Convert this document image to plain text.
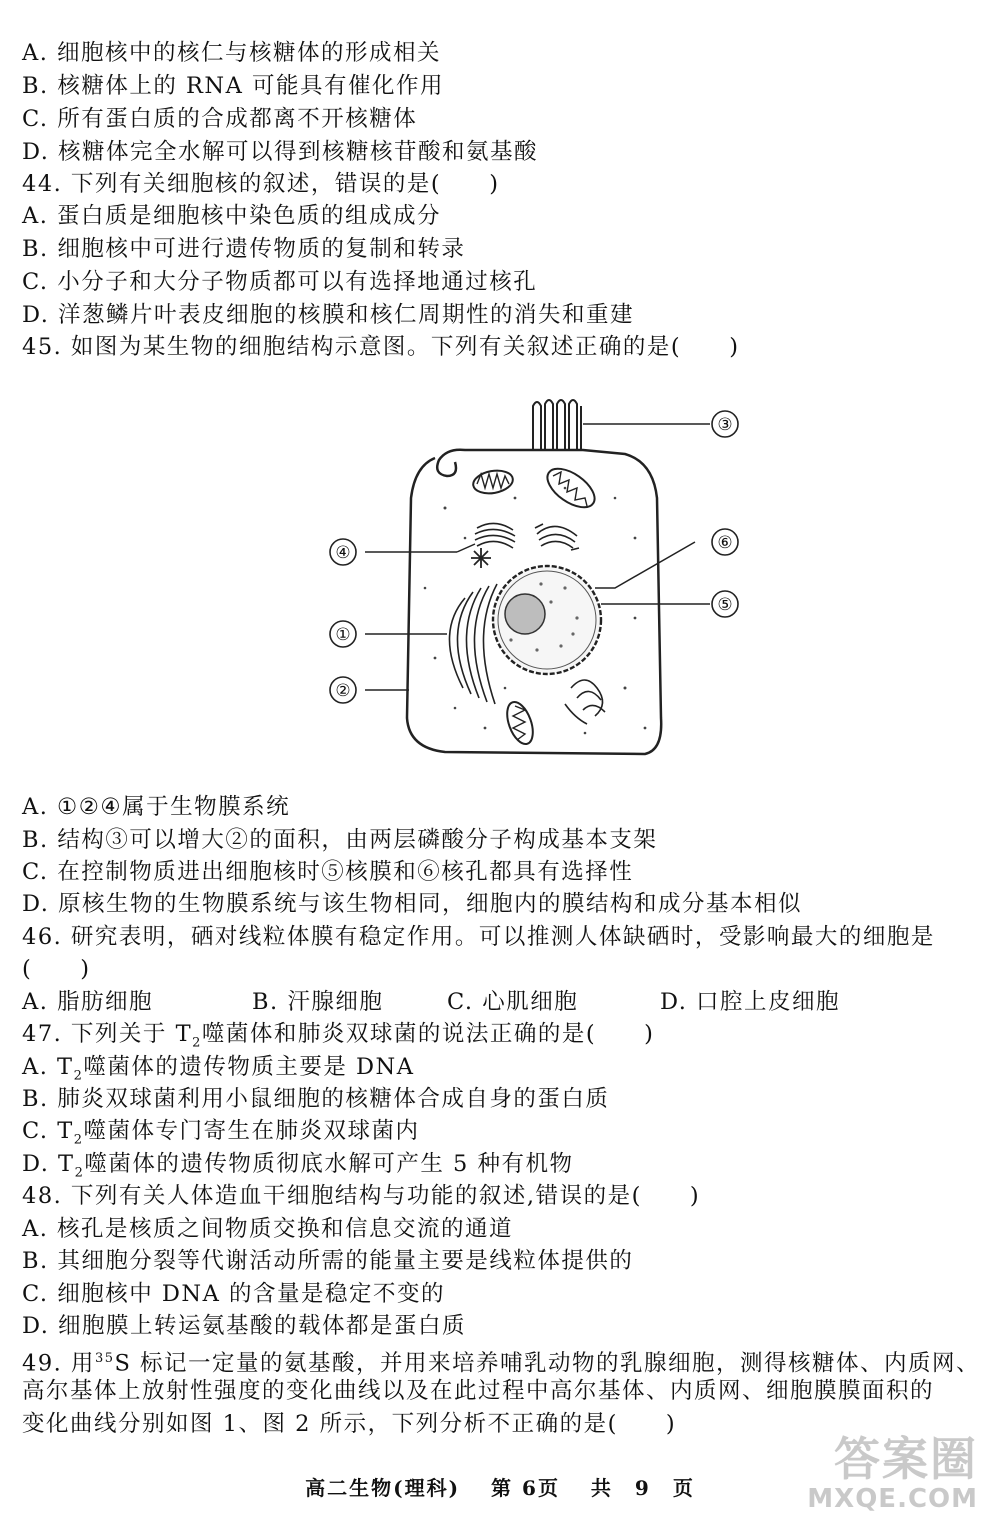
A. 细胞核中的核仁与核糖体的形成相关
B. 核糖体上的 RNA 可能具有催化作用
C. 所有蛋白质的合成都离不开核糖体
D. 核糖体完全水解可以得到核糖核苷酸和氨基酸
44. 下列有关细胞核的叙述，错误的是(　　)
A. 蛋白质是细胞核中染色质的组成成分
B. 细胞核中可进行遗传物质的复制和转录
C. 小分子和大分子物质都可以有选择地通过核孔
D. 洋葱鳞片叶表皮细胞的核膜和核仁周期性的消失和重建
45. 如图为某生物的细胞结构示意图。下列有关叙述正确的是(　　)
③
⑥
⑤
④
①
②
A. ①②④属于生物膜系统
B. 结构③可以增大②的面积，由两层磷酸分子构成基本支架
C. 在控制物质进出细胞核时⑤核膜和⑥核孔都具有选择性
D. 原核生物的生物膜系统与该生物相同，细胞内的膜结构和成分基本相似
46. 研究表明，硒对线粒体膜有稳定作用。可以推测人体缺硒时，受影响最大的细胞是
(　　)
A. 脂肪细胞	B. 汗腺细胞	C. 心肌细胞	D. 口腔上皮细胞
47. 下列关于 $T_2$噬菌体和肺炎双球菌的说法正确的是(　　)
A. $T_2$噬菌体的遗传物质主要是 DNA
B. 肺炎双球菌利用小鼠细胞的核糖体合成自身的蛋白质
C. $T_2$噬菌体专门寄生在肺炎双球菌内
D. $T_2$噬菌体的遗传物质彻底水解可产生 5 种有机物
48. 下列有关人体造血干细胞结构与功能的叙述,错误的是(　　)
A. 核孔是核质之间物质交换和信息交流的通道
B. 其细胞分裂等代谢活动所需的能量主要是线粒体提供的
C. 细胞核中 DNA 的含量是稳定不变的
D. 细胞膜上转运氨基酸的载体都是蛋白质
49. 用$^{35}$S 标记一定量的氨基酸，并用来培养哺乳动物的乳腺细胞，测得核糖体、内质网、
高尔基体上放射性强度的变化曲线以及在此过程中高尔基体、内质网、细胞膜膜面积的
变化曲线分别如图 1、图 2 所示，下列分析不正确的是(　　)
高二生物(理科)　 第 6页　 共　9　页
答案圈
MXQE.COM
